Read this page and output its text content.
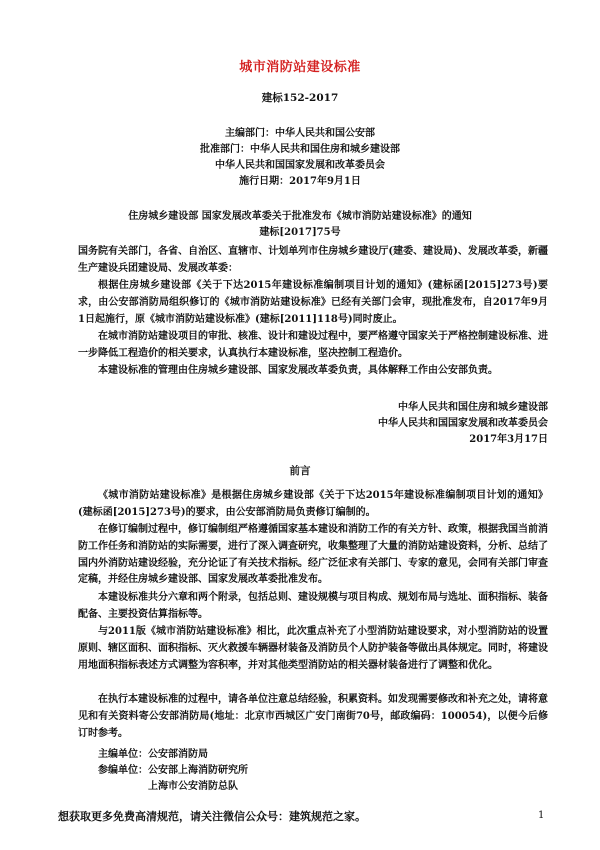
城市消防站建设标准
建标152-2017
主编部门：中华人民共和国公安部
批准部门：中华人民共和国住房和城乡建设部
中华人民共和国国家发展和改革委员会
施行日期：2017年9月1日
住房城乡建设部 国家发展改革委关于批准发布《城市消防站建设标准》的通知
建标[2017]75号
国务院有关部门，各省、自治区、直辖市、计划单列市住房城乡建设厅(建委、建设局)、发展改革委，新疆生产建设兵团建设局、发展改革委：
根据住房城乡建设部《关于下达2015年建设标准编制项目计划的通知》(建标函[2015]273号)要求，由公安部消防局组织修订的《城市消防站建设标准》已经有关部门会审，现批准发布，自2017年9月1日起施行，原《城市消防站建设标准》(建标[2011]118号)同时废止。
在城市消防站建设项目的审批、核准、设计和建设过程中，要严格遵守国家关于严格控制建设标准、进一步降低工程造价的相关要求，认真执行本建设标准，坚决控制工程造价。
本建设标准的管理由住房城乡建设部、国家发展改革委负责，具体解释工作由公安部负责。
中华人民共和国住房和城乡建设部
中华人民共和国国家发展和改革委员会
2017年3月17日
前言
《城市消防站建设标准》是根据住房城乡建设部《关于下达2015年建设标准编制项目计划的通知》(建标函[2015]273号)的要求，由公安部消防局负责修订编制的。
在修订编制过程中，修订编制组严格遵循国家基本建设和消防工作的有关方针、政策，根据我国当前消防工作任务和消防站的实际需要，进行了深入调查研究，收集整理了大量的消防站建设资料，分析、总结了国内外消防站建设经验，充分论证了有关技术指标。经广泛征求有关部门、专家的意见，会同有关部门审查定稿，并经住房城乡建设部、国家发展改革委批准发布。
本建设标准共分六章和两个附录，包括总则、建设规模与项目构成、规划布局与选址、面积指标、装备配备、主要投资估算指标等。
与2011版《城市消防站建设标准》相比，此次重点补充了小型消防站建设要求，对小型消防站的设置原则、辖区面积、面积指标、灭火救援车辆器材装备及消防员个人防护装备等做出具体规定。同时，将建设用地面积指标表述方式调整为容积率，并对其他类型消防站的相关器材装备进行了调整和优化。
在执行本建设标准的过程中，请各单位注意总结经验，积累资料。如发现需要修改和补充之处，请将意见和有关资料寄公安部消防局(地址：北京市西城区广安门南街70号，邮政编码：100054)，以便今后修订时参考。
主编单位：公安部消防局
参编单位：公安部上海消防研究所
上海市公安消防总队
想获取更多免费高清规范，请关注微信公众号：建筑规范之家。	1
